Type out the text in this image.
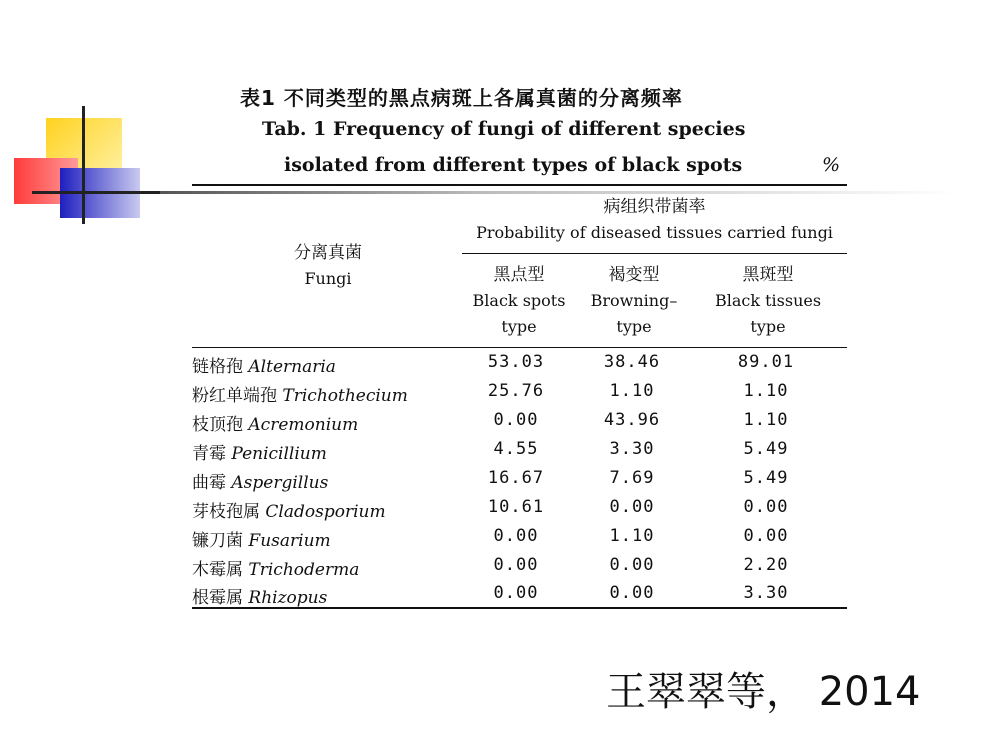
表1 不同类型的黑点病斑上各属真菌的分离频率
Tab. 1 Frequency of fungi of different species
isolated from different types of black spots	%
分离真菌
Fungi
病组织带菌率
Probability of diseased tissues carried fungi
黑点型
Black spots
type
褐变型
Browning–
type
黑斑型
Black tissues
type
链格孢 Alternaria	53.03	38.46	89.01
粉红单端孢 Trichothecium	25.76	1.10	1.10
枝顶孢 Acremonium	0.00	43.96	1.10
青霉 Penicillium	4.55	3.30	5.49
曲霉 Aspergillus	16.67	7.69	5.49
芽枝孢属 Cladosporium	10.61	0.00	0.00
镰刀菌 Fusarium	0.00	1.10	0.00
木霉属 Trichoderma	0.00	0.00	2.20
根霉属 Rhizopus	0.00	0.00	3.30
王翠翠等， 2014
